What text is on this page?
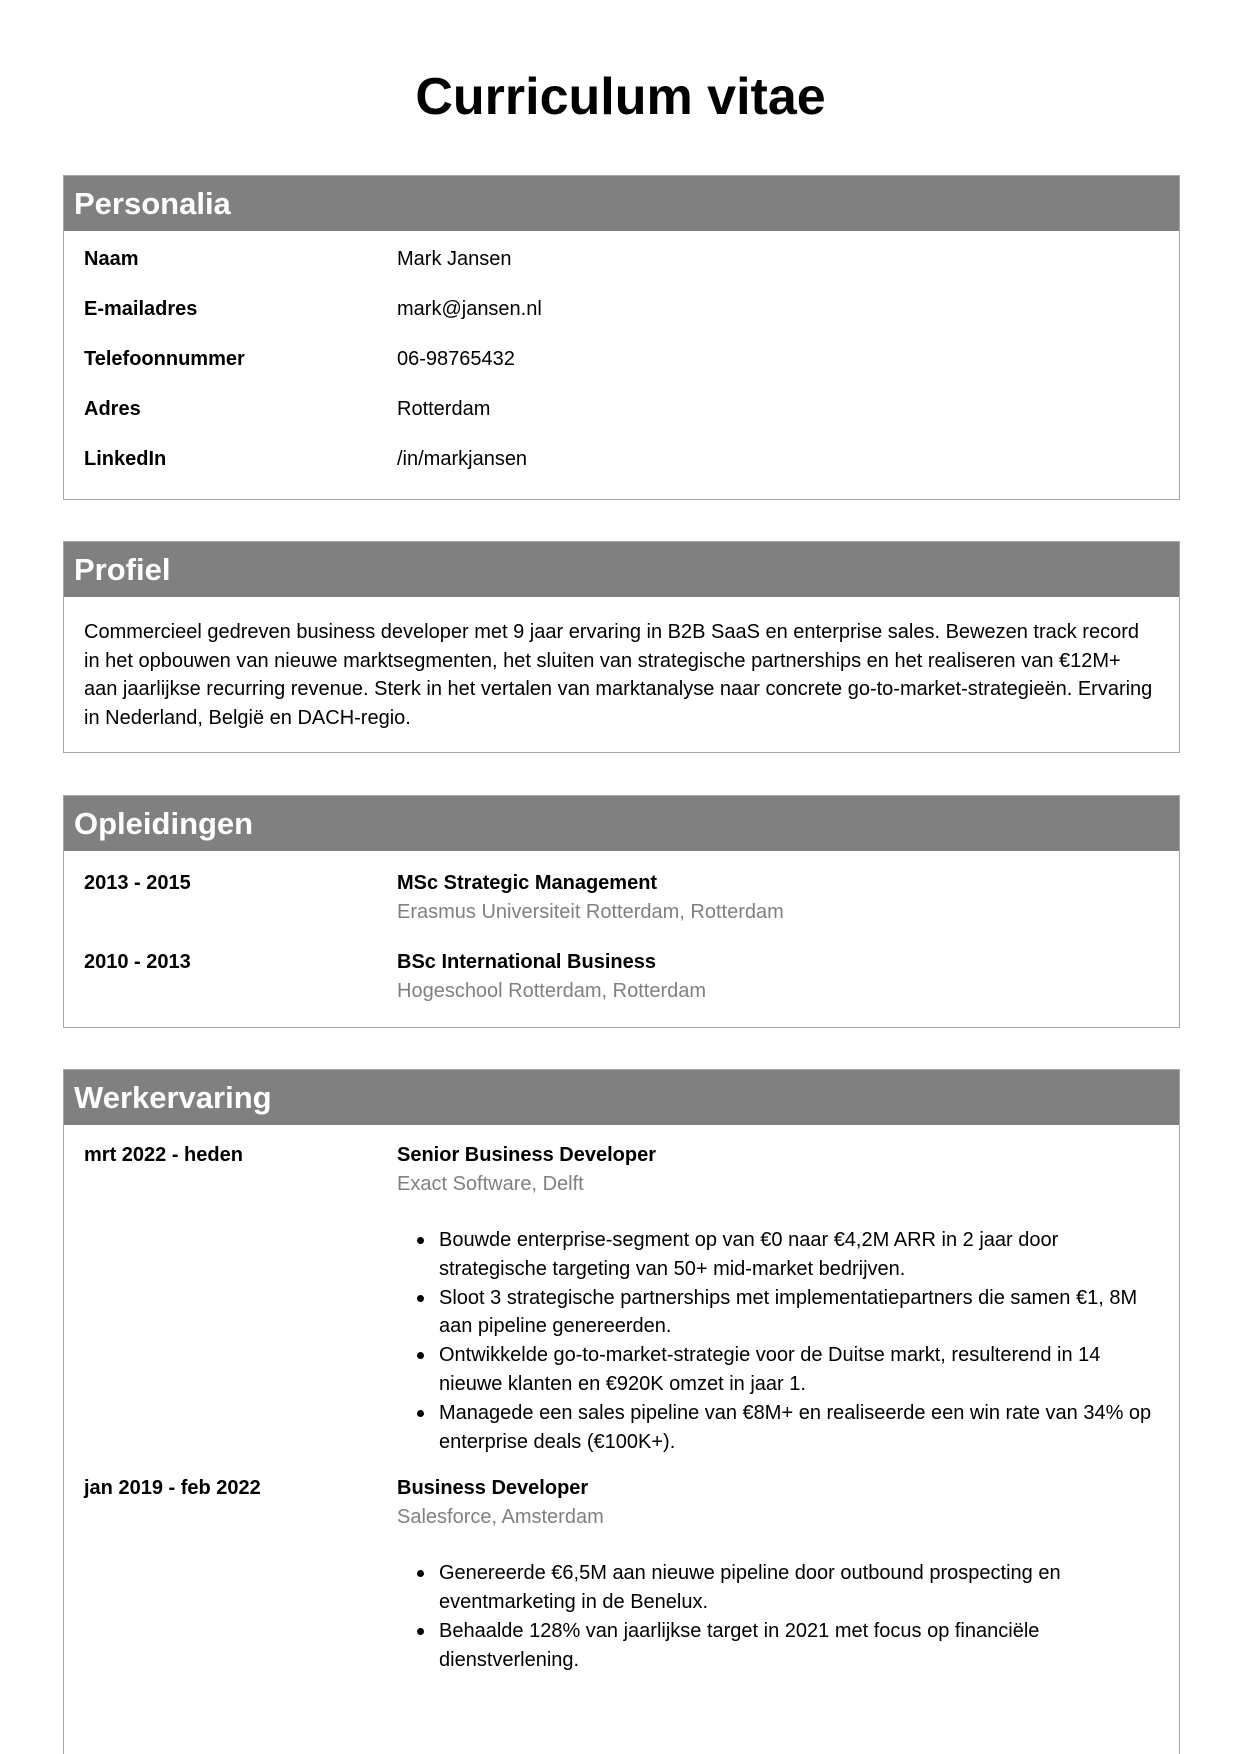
Curriculum vitae
Personalia
Naam	Mark Jansen
E-mailadres	mark@jansen.nl
Telefoonnummer	06-98765432
Adres	Rotterdam
LinkedIn	/in/markjansen
Profiel
Commercieel gedreven business developer met 9 jaar ervaring in B2B SaaS en enterprise sales. Bewezen track record in het opbouwen van nieuwe marktsegmenten, het sluiten van strategische partnerships en het realiseren van €12M+ aan jaarlijkse recurring revenue. Sterk in het vertalen van marktanalyse naar concrete go-to-market-strategieën. Ervaring in Nederland, België en DACH-regio.
Opleidingen
2013 - 2015	MSc Strategic Management
Erasmus Universiteit Rotterdam, Rotterdam
2010 - 2013	BSc International Business
Hogeschool Rotterdam, Rotterdam
Werkervaring
mrt 2022 - heden	Senior Business Developer
Exact Software, Delft
Bouwde enterprise-segment op van €0 naar €4,2M ARR in 2 jaar door strategische targeting van 50+ mid-market bedrijven.
Sloot 3 strategische partnerships met implementatiepartners die samen €1, 8M aan pipeline genereerden.
Ontwikkelde go-to-market-strategie voor de Duitse markt, resulterend in 14 nieuwe klanten en €920K omzet in jaar 1.
Managede een sales pipeline van €8M+ en realiseerde een win rate van 34% op enterprise deals (€100K+).
jan 2019 - feb 2022	Business Developer
Salesforce, Amsterdam
Genereerde €6,5M aan nieuwe pipeline door outbound prospecting en eventmarketing in de Benelux.
Behaalde 128% van jaarlijkse target in 2021 met focus op financiële dienstverlening.
